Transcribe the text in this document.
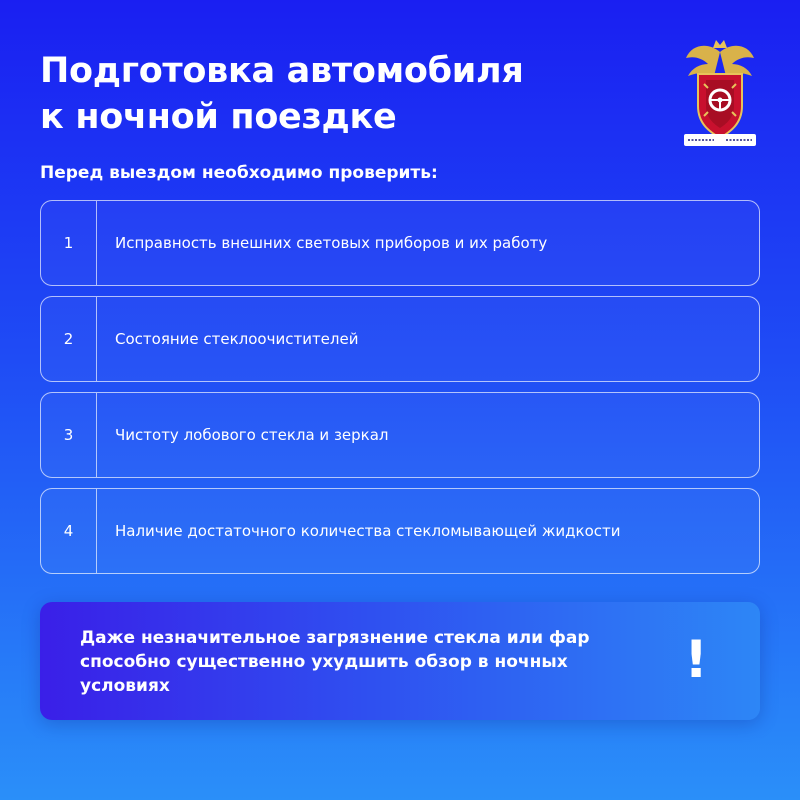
Подготовка автомобиля
к ночной поездке

Перед выездом необходимо проверить:

1	Исправность внешних световых приборов и их работу
2	Состояние стеклоочистителей
3	Чистоту лобового стекла и зеркал
4	Наличие достаточного количества стекломывающей жидкости

Даже незначительное загрязнение стекла или фар способно существенно ухудшить обзор в ночных условиях	!
